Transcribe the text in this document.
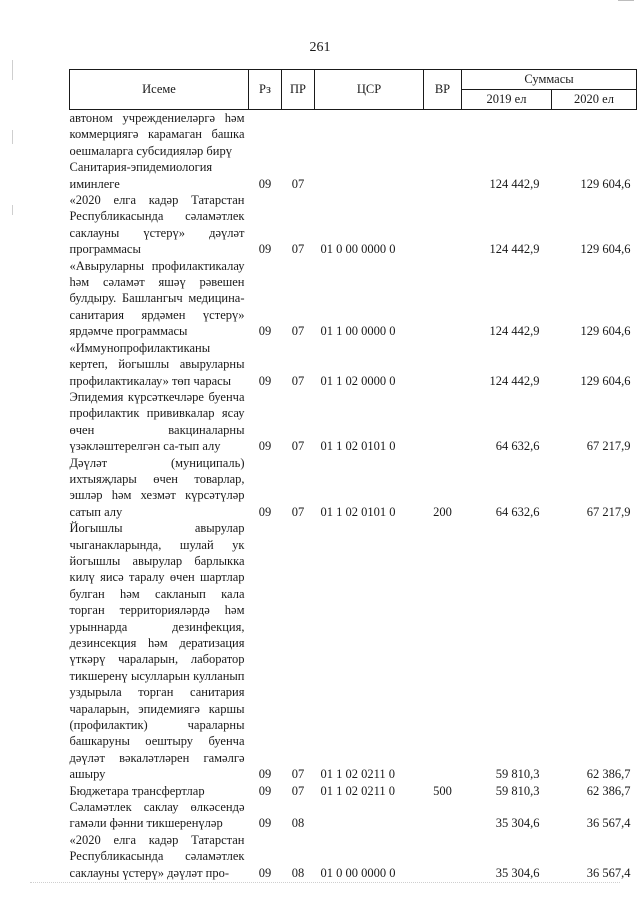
261
Исеме	Рз	ПР	ЦСР	ВР	Суммасы	
					2019 ел	2020 ел
автоном учреждениеләргә һәм коммерциягә карамаган башка оешмаларга субсидияләр бирү						
Санитария-эпидемиология иминлеге	09	07			124 442,9	129 604,6
«2020 елга кадәр Татарстан Республикасында сәламәтлек саклауны үстерү» дәүләт программасы	09	07	01 0 00 0000 0		124 442,9	129 604,6
«Авыруларны профилактикалау һәм сәламәт яшәү рәвешен булдыру. Башлангыч медицина-санитария ярдәмен үстерү» ярдәмче программасы	09	07	01 1 00 0000 0		124 442,9	129 604,6
«Иммунопрофилактиканы кертеп, йогышлы авыруларны профилактикалау» төп чарасы	09	07	01 1 02 0000 0		124 442,9	129 604,6
Эпидемия күрсәткечләре буенча профилактик прививкалар ясау өчен вакциналарны үзәкләштерелгән са-тып алу	09	07	01 1 02 0101 0		64 632,6	67 217,9
Дәүләт (муниципаль) ихтыяҗлары өчен товарлар, эшләр һәм хезмәт күрсәтүләр сатып алу	09	07	01 1 02 0101 0	200	64 632,6	67 217,9
Йогышлы авырулар чыганакларында, шулай ук йогышлы авырулар барлыкка килү яисә таралу өчен шартлар булган һәм сакланып кала торган территорияләрдә һәм урыннарда дезинфекция, дезинсекция һәм дератизация үткәрү чараларын, лаборатор тикшеренү ысулларын кулланып уздырыла торган санитария чараларын, эпидемиягә каршы (профилактик) чараларны башкаруны оештыру буенча дәүләт вәкаләтләрен гамәлгә ашыру	09	07	01 1 02 0211 0		59 810,3	62 386,7
Бюджетара трансфертлар	09	07	01 1 02 0211 0	500	59 810,3	62 386,7
Сәламәтлек саклау өлкәсендә гамәли фәнни тикшеренүләр	09	08			35 304,6	36 567,4
«2020 елга кадәр Татарстан Республикасында сәламәтлек саклауны үстерү» дәүләт про-	09	08	01 0 00 0000 0		35 304,6	36 567,4
